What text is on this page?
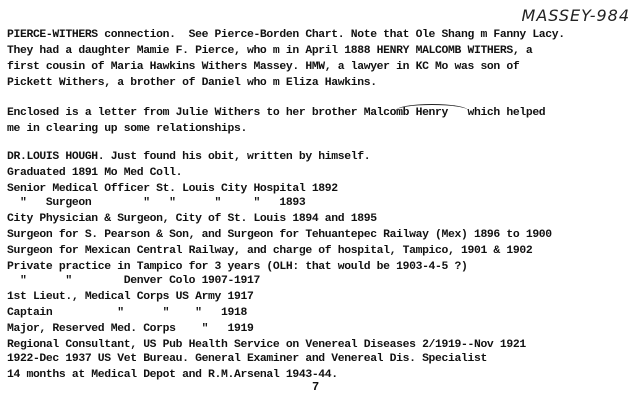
MASSEY-984
PIERCE-WITHERS connection.  See Pierce-Borden Chart. Note that Ole Shang m Fanny Lacy.
They had a daughter Mamie F. Pierce, who m in April 1888 HENRY MALCOMB WITHERS, a
first cousin of Maria Hawkins Withers Massey. HMW, a lawyer in KC Mo was son of
Pickett Withers, a brother of Daniel who m Eliza Hawkins.
Enclosed is a letter from Julie Withers to her brother Malcomb Henry   which helped
me in clearing up some relationships.
DR.LOUIS HOUGH. Just found his obit, written by himself.
Graduated 1891 Mo Med Coll.
Senior Medical Officer St. Louis City Hospital 1892
"   Surgeon        "   "      "     "   1893
City Physician & Surgeon, City of St. Louis 1894 and 1895
Surgeon for S. Pearson & Son, and Surgeon for Tehuantepec Railway (Mex) 1896 to 1900
Surgeon for Mexican Central Railway, and charge of hospital, Tampico, 1901 & 1902
Private practice in Tampico for 3 years (OLH: that would be 1903-4-5 ?)
"      "        Denver Colo 1907-1917
1st Lieut., Medical Corps US Army 1917
Captain          "      "    "   1918
Major, Reserved Med. Corps    "   1919
Regional Consultant, US Pub Health Service on Venereal Diseases 2/1919--Nov 1921
1922-Dec 1937 US Vet Bureau. General Examiner and Venereal Dis. Specialist
14 months at Medical Depot and R.M.Arsenal 1943-44.
7
